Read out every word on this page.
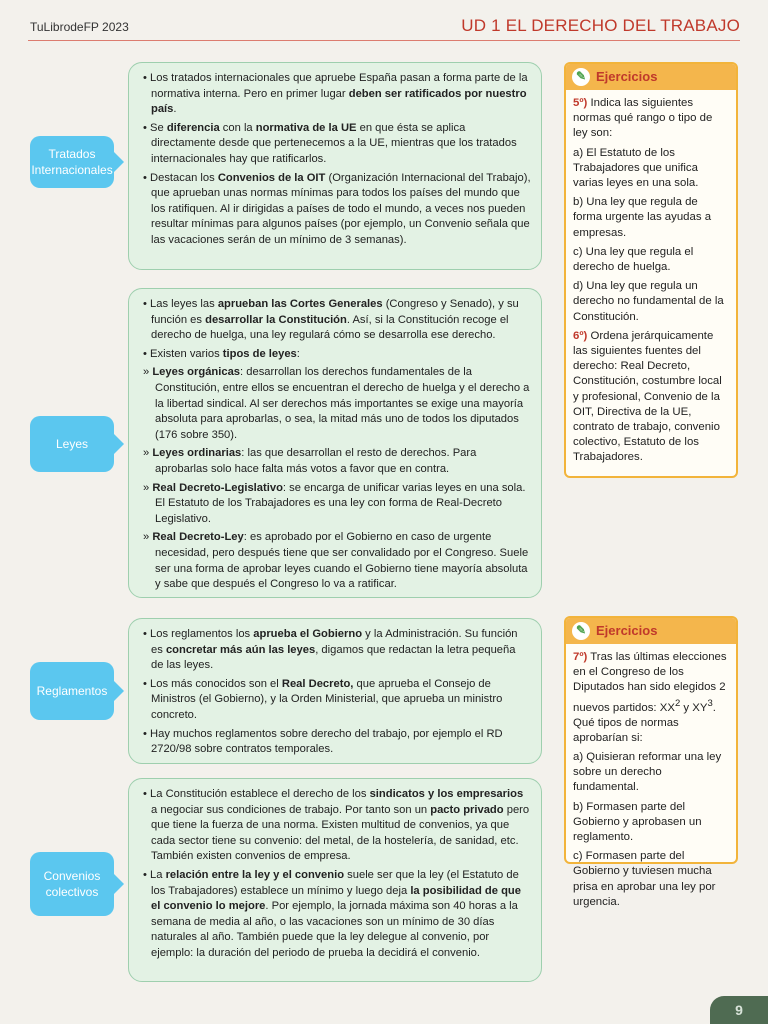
TuLibrodeFP 2023	UD 1 EL DERECHO DEL TRABAJO
Tratados Internacionales

• Los tratados internacionales que apruebe España pasan a forma parte de la normativa interna. Pero en primer lugar deben ser ratificados por nuestro país.

• Se diferencia con la normativa de la UE en que ésta se aplica directamente desde que pertenecemos a la UE, mientras que los tratados internacionales hay que ratificarlos.

• Destacan los Convenios de la OIT (Organización Internacional del Trabajo), que aprueban unas normas mínimas para todos los países del mundo que los ratifiquen. Al ir dirigidas a países de todo el mundo, a veces nos pueden resultar mínimas para algunos países (por ejemplo, un Convenio señala que las vacaciones serán de un mínimo de 3 semanas).

Leyes

• Las leyes las aprueban las Cortes Generales (Congreso y Senado), y su función es desarrollar la Constitución. Así, si la Constitución recoge el derecho de huelga, una ley regulará cómo se desarrolla ese derecho.

• Existen varios tipos de leyes:

» Leyes orgánicas: desarrollan los derechos fundamentales de la Constitución, entre ellos se encuentran el derecho de huelga y el derecho a la libertad sindical. Al ser derechos más importantes se exige una mayoría absoluta para aprobarlas, o sea, la mitad más uno de todos los diputados (176 sobre 350).

» Leyes ordinarias: las que desarrollan el resto de derechos. Para aprobarlas solo hace falta más votos a favor que en contra.

» Real Decreto-Legislativo: se encarga de unificar varias leyes en una sola. El Estatuto de los Trabajadores es una ley con forma de Real-Decreto Legislativo.

» Real Decreto-Ley: es aprobado por el Gobierno en caso de urgente necesidad, pero después tiene que ser convalidado por el Congreso. Suele ser una forma de aprobar leyes cuando el Gobierno tiene mayoría absoluta y sabe que después el Congreso lo va a ratificar.

Reglamentos

• Los reglamentos los aprueba el Gobierno y la Administración. Su función es concretar más aún las leyes, digamos que redactan la letra pequeña de las leyes.

• Los más conocidos son el Real Decreto, que aprueba el Consejo de Ministros (el Gobierno), y la Orden Ministerial, que aprueba un ministro concreto.

• Hay muchos reglamentos sobre derecho del trabajo, por ejemplo el RD 2720/98 sobre contratos temporales.

Convenios colectivos

• La Constitución establece el derecho de los sindicatos y los empresarios a negociar sus condiciones de trabajo. Por tanto son un pacto privado pero que tiene la fuerza de una norma. Existen multitud de convenios, ya que cada sector tiene su convenio: del metal, de la hostelería, de sanidad, etc. También existen convenios de empresa.

• La relación entre la ley y el convenio suele ser que la ley (el Estatuto de los Trabajadores) establece un mínimo y luego deja la posibilidad de que el convenio lo mejore. Por ejemplo, la jornada máxima son 40 horas a la semana de media al año, o las vacaciones son un mínimo de 30 días naturales al año. También puede que la ley delegue al convenio, por ejemplo: la duración del periodo de prueba la decidirá el convenio.

✎ Ejercicios

5º) Indica las siguientes normas qué rango o tipo de ley son:

a) El Estatuto de los Trabajadores que unifica varias leyes en una sola.

b) Una ley que regula de forma urgente las ayudas a empresas.

c) Una ley que regula el derecho de huelga.

d) Una ley que regula un derecho no fundamental de la Constitución.

6º) Ordena jerárquicamente las siguientes fuentes del derecho: Real Decreto, Constitución, costumbre local y profesional, Convenio de la OIT, Directiva de la UE, contrato de trabajo, convenio colectivo, Estatuto de los Trabajadores.

✎ Ejercicios

7º) Tras las últimas elecciones en el Congreso de los Diputados han sido elegidos 2 nuevos partidos: $XX^2$ y $XY^3$. Qué tipos de normas aprobarían si:

a) Quisieran reformar una ley sobre un derecho fundamental.

b) Formasen parte del Gobierno y aprobasen un reglamento.

c) Formasen parte del Gobierno y tuviesen mucha prisa en aprobar una ley por urgencia.

9
